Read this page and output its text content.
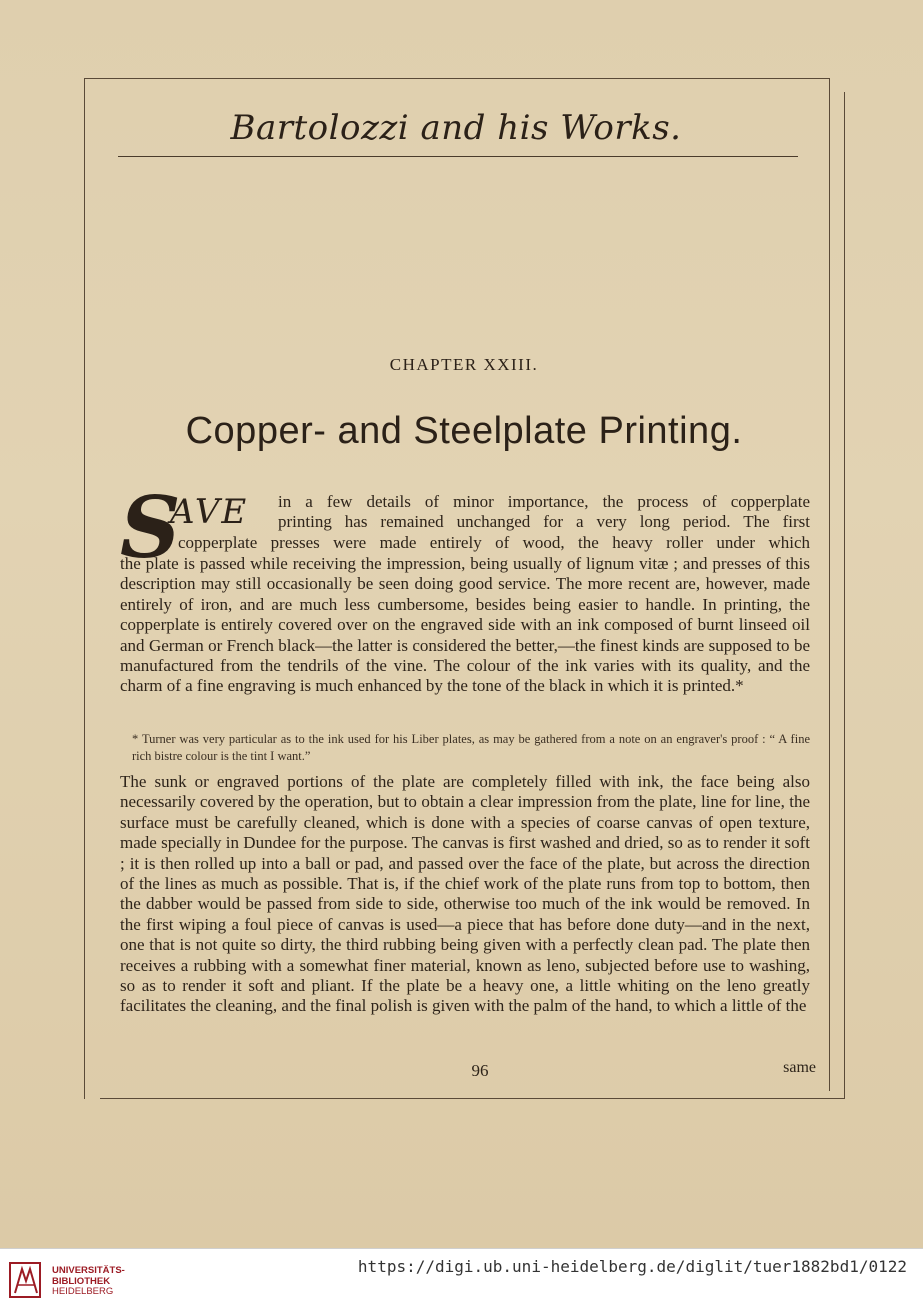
Bartolozzi and his Works.
CHAPTER XXIII.
Copper- and Steelplate Printing.
S
AVE in a few details of minor importance, the process of copperplate
printing has remained unchanged for a very long period. The first
copperplate presses were made entirely of wood, the heavy roller under which
the plate is passed while receiving the impression, being usually of lignum vitæ ; and presses of this description may still occasionally be seen doing good service. The more recent are, however, made entirely of iron, and are much less cumbersome, besides being easier to handle. In printing, the copperplate is entirely covered over on the engraved side with an ink composed of burnt linseed oil and German or French black—the latter is considered the better,—the finest kinds are supposed to be manufactured from the tendrils of the vine. The colour of the ink varies with its quality, and the charm of a fine engraving is much enhanced by the tone of the black in which it is printed.*
* Turner was very particular as to the ink used for his Liber plates, as may be gathered from a note on an engraver's proof : “ A fine rich bistre colour is the tint I want.”
The sunk or engraved portions of the plate are completely filled with ink, the face being also necessarily covered by the operation, but to obtain a clear impression from the plate, line for line, the surface must be carefully cleaned, which is done with a species of coarse canvas of open texture, made specially in Dundee for the purpose. The canvas is first washed and dried, so as to render it soft ; it is then rolled up into a ball or pad, and passed over the face of the plate, but across the direction of the lines as much as possible. That is, if the chief work of the plate runs from top to bottom, then the dabber would be passed from side to side, otherwise too much of the ink would be removed. In the first wiping a foul piece of canvas is used—a piece that has before done duty—and in the next, one that is not quite so dirty, the third rubbing being given with a perfectly clean pad. The plate then receives a rubbing with a somewhat finer material, known as leno, subjected before use to washing, so as to render it soft and pliant. If the plate be a heavy one, a little whiting on the leno greatly facilitates the cleaning, and the final polish is given with the palm of the hand, to which a little of the
96	same
UNIVERSITÄTS-
BIBLIOTHEK
HEIDELBERG
https://digi.ub.uni-heidelberg.de/diglit/tuer1882bd1/0122
